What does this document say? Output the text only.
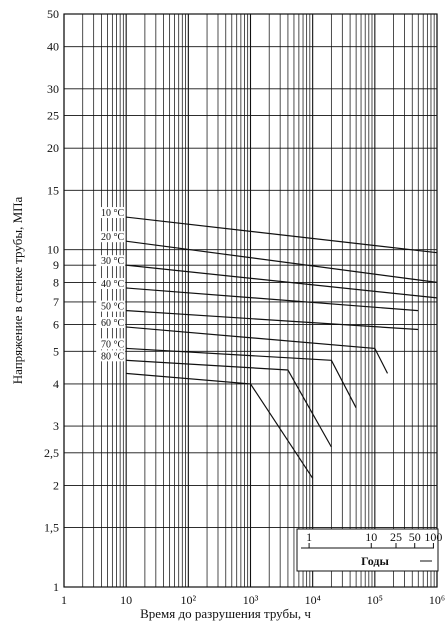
10 °C
20 °C
30 °C
40 °C
50 °C
60 °C
70 °C
80 °C
1	10	10²	10³	10⁴	10⁵	10⁶
1
1,5
2
2,5
3
4
5
6
7
8
9
10
15
20
25
30
40
50
1	10 25 50 100
Годы
Время до разрушения трубы, ч
Напряжение в стенке трубы, МПа
